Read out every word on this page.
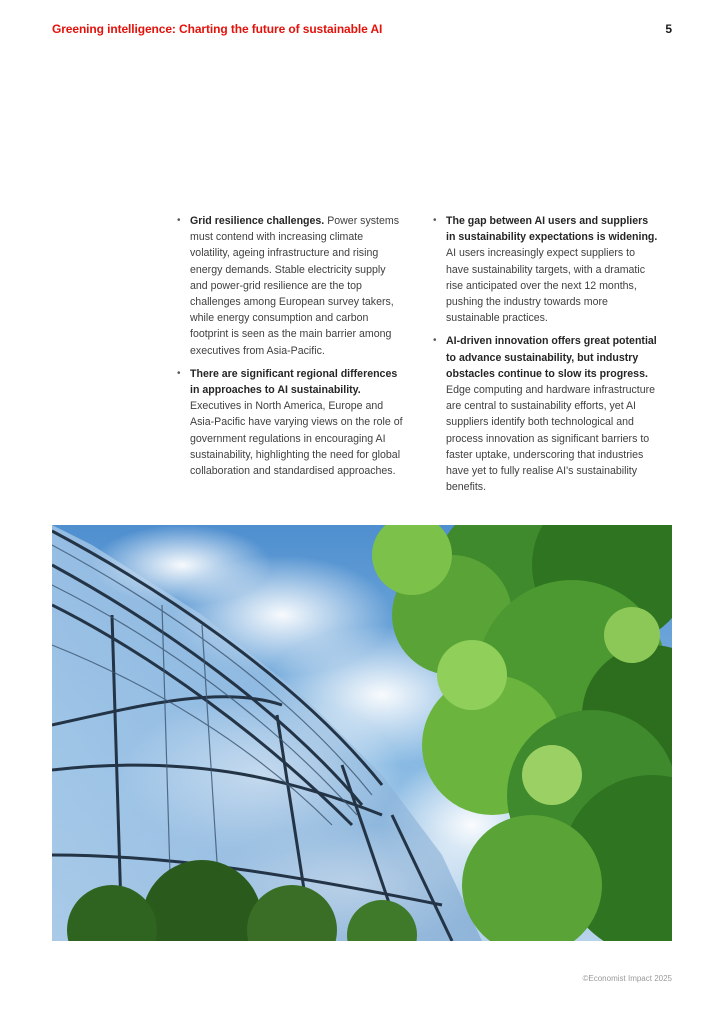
Greening intelligence: Charting the future of sustainable AI	5
• Grid resilience challenges. Power systems must contend with increasing climate volatility, ageing infrastructure and rising energy demands. Stable electricity supply and power-grid resilience are the top challenges among European survey takers, while energy consumption and carbon footprint is seen as the main barrier among executives from Asia-Pacific.
• There are significant regional differences in approaches to AI sustainability. Executives in North America, Europe and Asia-Pacific have varying views on the role of government regulations in encouraging AI sustainability, highlighting the need for global collaboration and standardised approaches.
• The gap between AI users and suppliers in sustainability expectations is widening. AI users increasingly expect suppliers to have sustainability targets, with a dramatic rise anticipated over the next 12 months, pushing the industry towards more sustainable practices.
• AI-driven innovation offers great potential to advance sustainability, but industry obstacles continue to slow its progress. Edge computing and hardware infrastructure are central to sustainability efforts, yet AI suppliers identify both technological and process innovation as significant barriers to faster uptake, underscoring that industries have yet to fully realise AI's sustainability benefits.
©Economist Impact 2025
